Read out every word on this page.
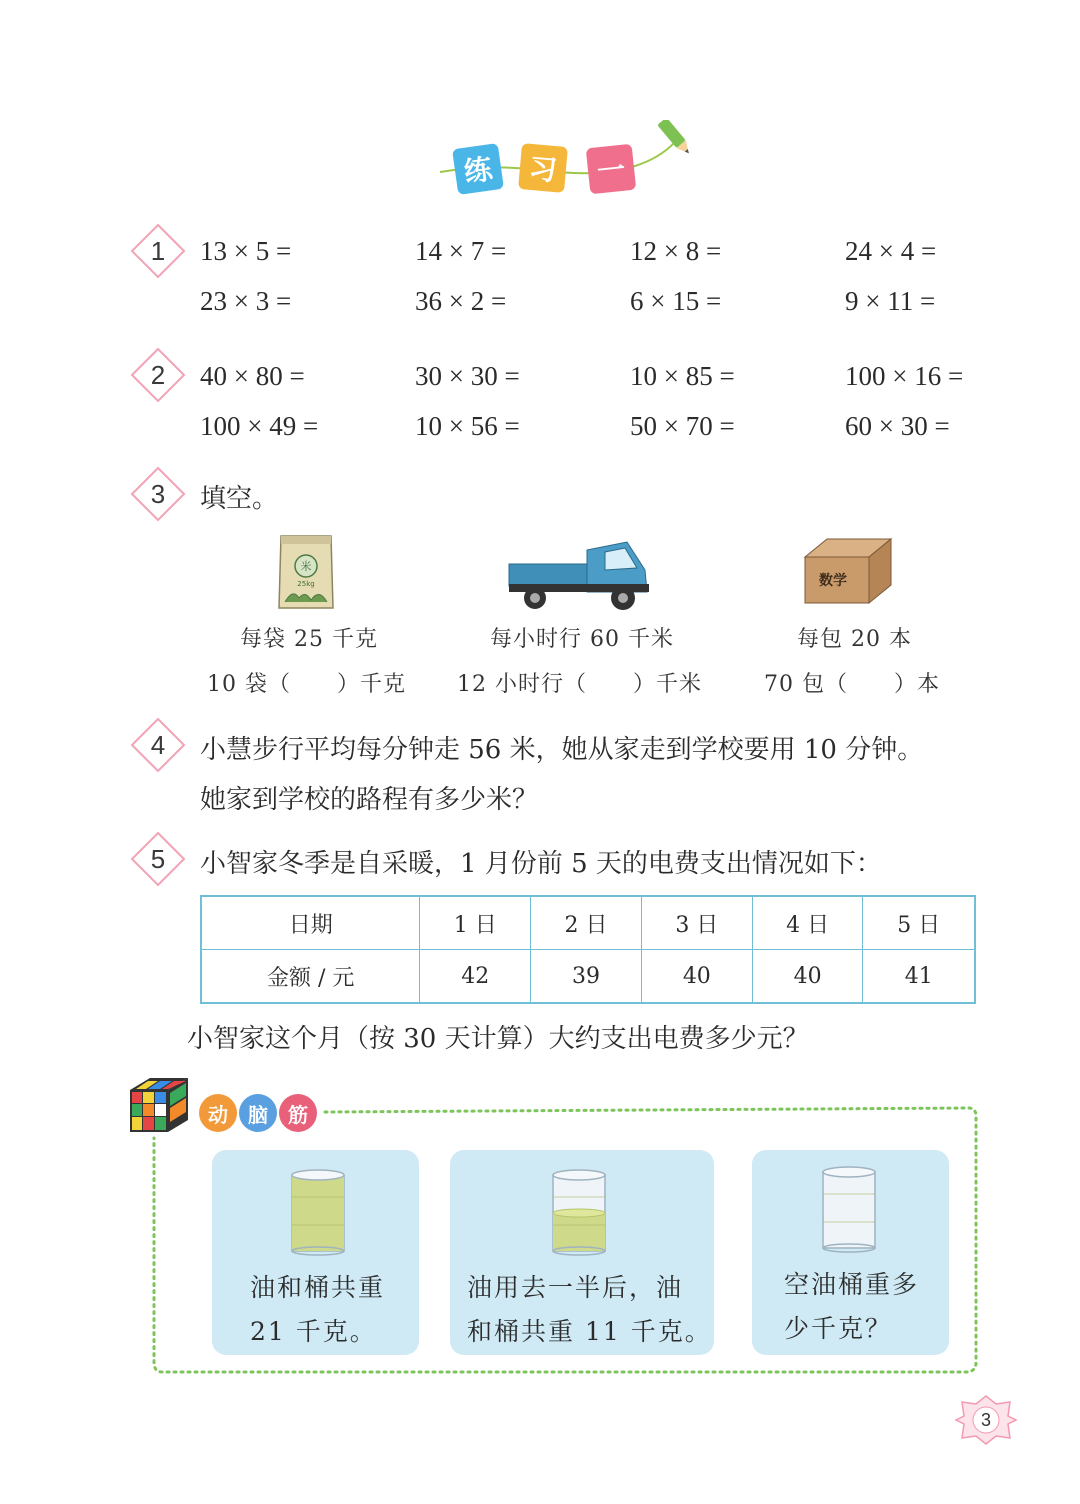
练	习	一
1	13 × 5 =	14 × 7 =	12 × 8 =	24 × 4 =
23 × 3 =	36 × 2 =	6 × 15 =	9 × 11 =
2	40 × 80 =	30 × 30 =	10 × 85 =	100 × 16 =
100 × 49 =	10 × 56 =	50 × 70 =	60 × 30 =
3	填空。
米
25kg	数学
每袋 25 千克	每小时行 60 千米	每包 20 本
10 袋（　　）千克 12 小时行（　　）千米	70 包（　　）本
4	小慧步行平均每分钟走 56 米，她从家走到学校要用 10 分钟。
她家到学校的路程有多少米？
5	小智家冬季是自采暖，1 月份前 5 天的电费支出情况如下：
日期	1 日	2 日	3 日	4 日	5 日
金额 / 元	42	39	40	40	41
小智家这个月（按 30 天计算）大约支出电费多少元？
动	脑	筋
油和桶共重
21 千克。
油用去一半后，油
和桶共重 11 千克。
空油桶重多
少千克？
3
